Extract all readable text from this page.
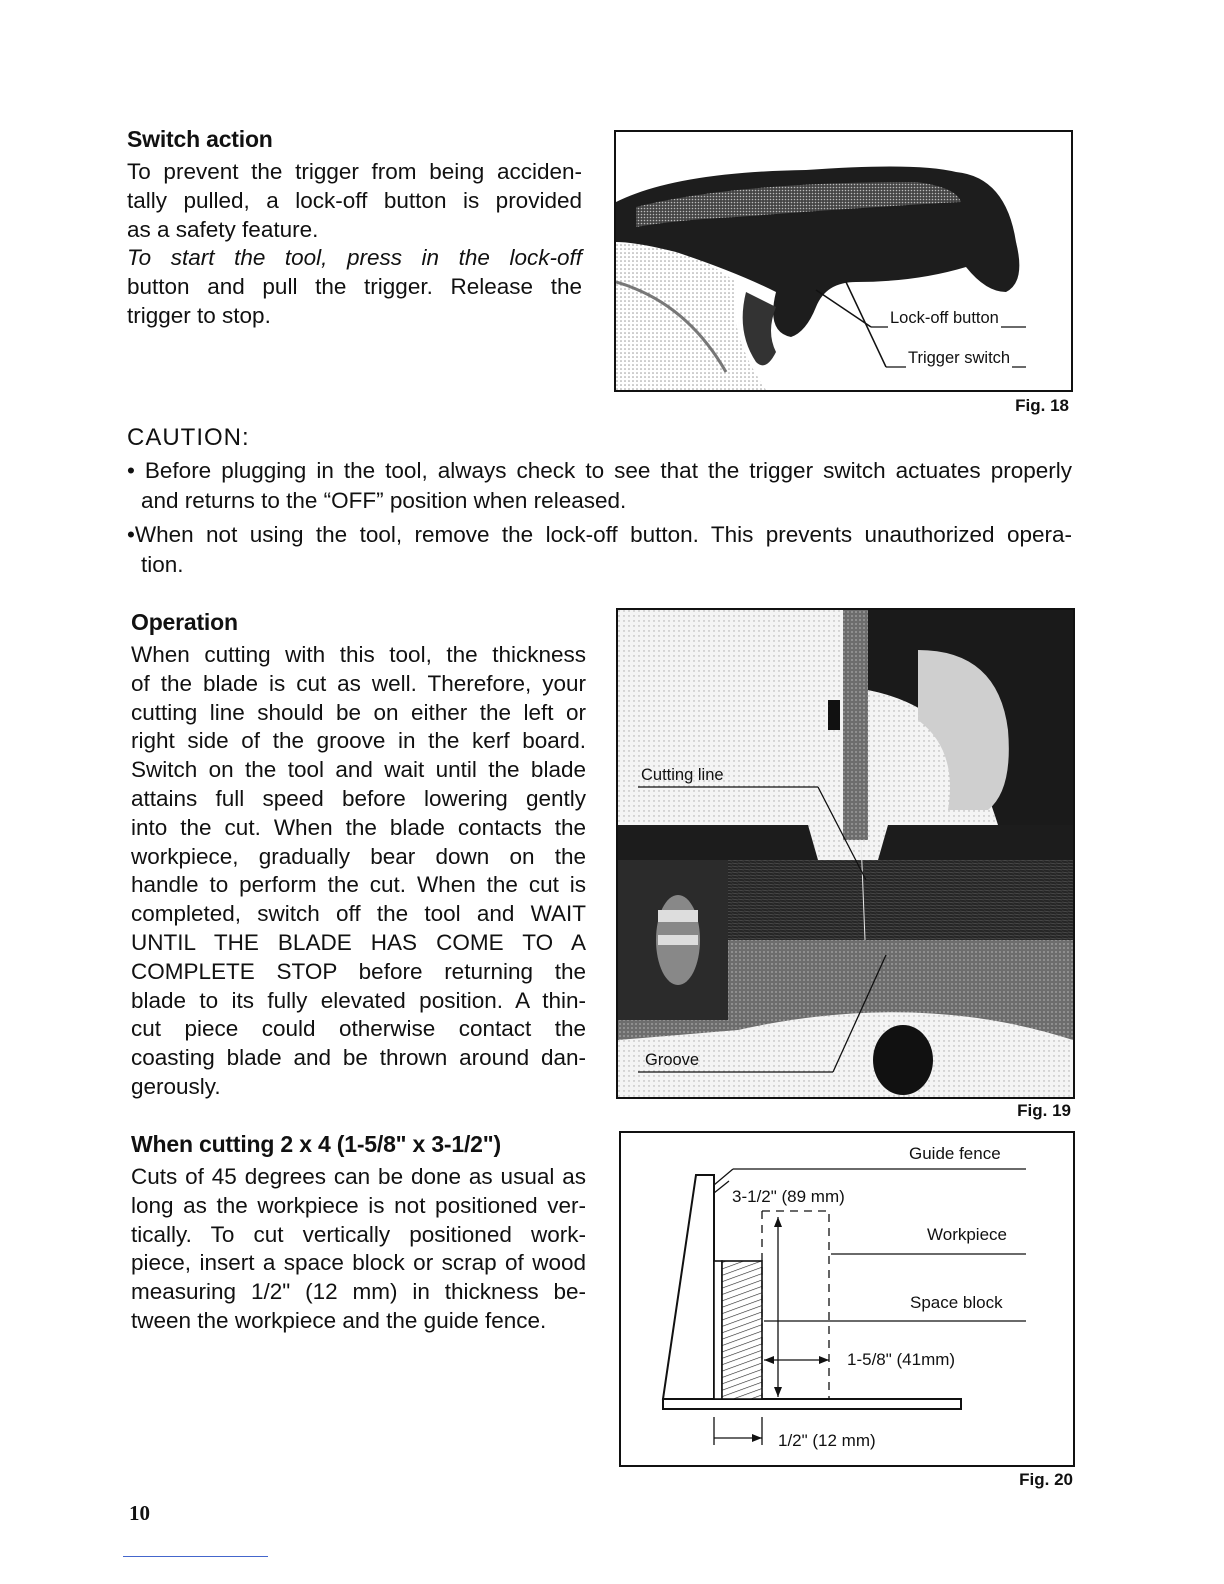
Switch action
To prevent the trigger from being acciden-
tally pulled, a lock-off button is provided
as a safety feature.
To start the tool, press in the lock-off
button and pull the trigger. Release the
trigger to stop.	Lock-off button
Trigger switch
Fig. 18
CAUTION:
• Before plugging in the tool, always check to see that the trigger switch actuates properly
and returns to the “OFF” position when released.
•When not using the tool, remove the lock-off button. This prevents unauthorized opera-
tion.
Operation
When cutting with this tool, the thickness
of the blade is cut as well. Therefore, your
cutting line should be on either the left or
right side of the groove in the kerf board.
Switch on the tool and wait until the blade
attains full speed before lowering gently
into the cut. When the blade contacts the
workpiece, gradually bear down on the
handle to perform the cut. When the cut is
completed, switch off the tool and WAIT
UNTIL THE BLADE HAS COME TO A
COMPLETE STOP before returning the
blade to its fully elevated position. A thin-
cut piece could otherwise contact the
coasting blade and be thrown around dan-
gerously.
Cutting line
Groove
Fig. 19
When cutting 2 x 4 (1-5/8" x 3-1/2")
Cuts of 45 degrees can be done as usual as
long as the workpiece is not positioned ver-
tically. To cut vertically positioned work-
piece, insert a space block or scrap of wood
measuring 1/2" (12 mm) in thickness be-
tween the workpiece and the guide fence.
Guide fence
3-1/2" (89 mm)
Workpiece
Space block
1-5/8" (41mm)
1/2" (12 mm)
Fig. 20
10
